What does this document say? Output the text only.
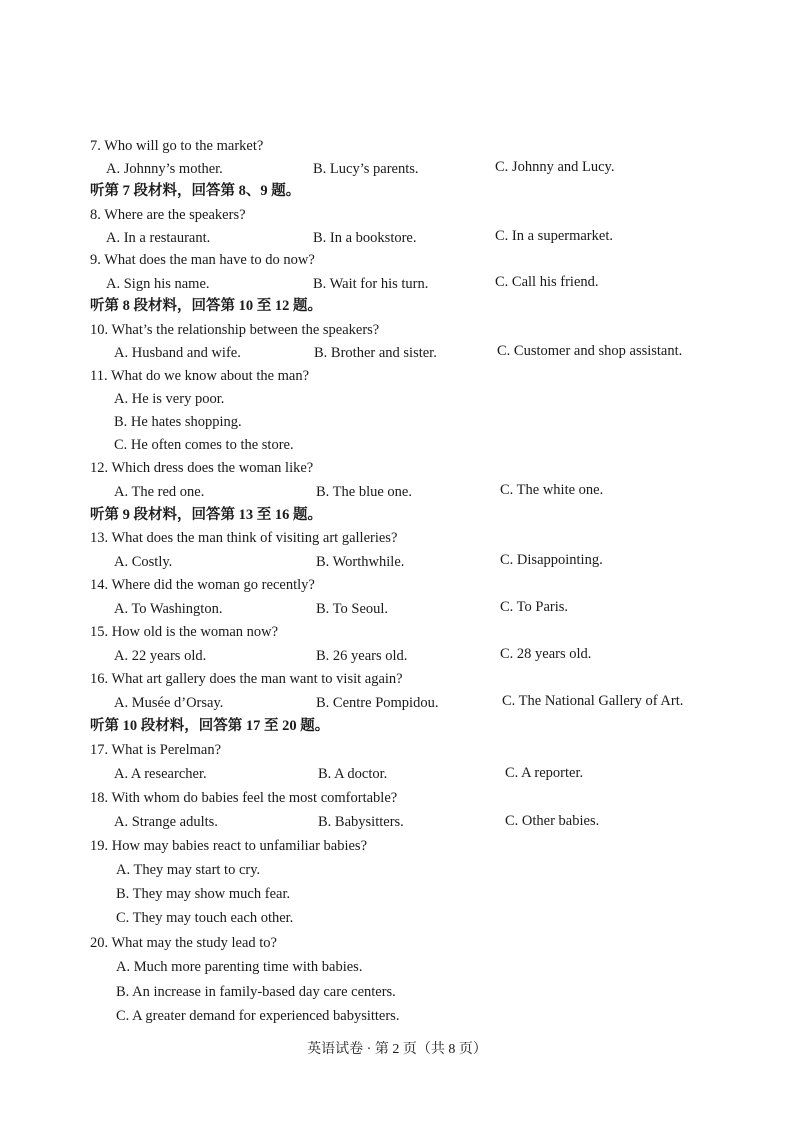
7. Who will go to the market?
A. Johnny’s mother.	B. Lucy’s parents.	C. Johnny and Lucy.
听第 7 段材料，回答第 8、9 题。
8. Where are the speakers?
A. In a restaurant.	B. In a bookstore.	C. In a supermarket.
9. What does the man have to do now?
A. Sign his name.	B. Wait for his turn.	C. Call his friend.
听第 8 段材料，回答第 10 至 12 题。
10. What’s the relationship between the speakers?
A. Husband and wife.	B. Brother and sister.	C. Customer and shop assistant.
11. What do we know about the man?
A. He is very poor.
B. He hates shopping.
C. He often comes to the store.
12. Which dress does the woman like?
A. The red one.	B. The blue one.	C. The white one.
听第 9 段材料，回答第 13 至 16 题。
13. What does the man think of visiting art galleries?
A. Costly.	B. Worthwhile.	C. Disappointing.
14. Where did the woman go recently?
A. To Washington.	B. To Seoul.	C. To Paris.
15. How old is the woman now?
A. 22 years old.	B. 26 years old.	C. 28 years old.
16. What art gallery does the man want to visit again?
A. Musée d’Orsay.	B. Centre Pompidou.	C. The National Gallery of Art.
听第 10 段材料，回答第 17 至 20 题。
17. What is Perelman?
A. A researcher.	B. A doctor.	C. A reporter.
18. With whom do babies feel the most comfortable?
A. Strange adults.	B. Babysitters.	C. Other babies.
19. How may babies react to unfamiliar babies?
A. They may start to cry.
B. They may show much fear.
C. They may touch each other.
20. What may the study lead to?
A. Much more parenting time with babies.
B. An increase in family-based day care centers.
C. A greater demand for experienced babysitters.
英语试卷 · 第 2 页（共 8 页）
